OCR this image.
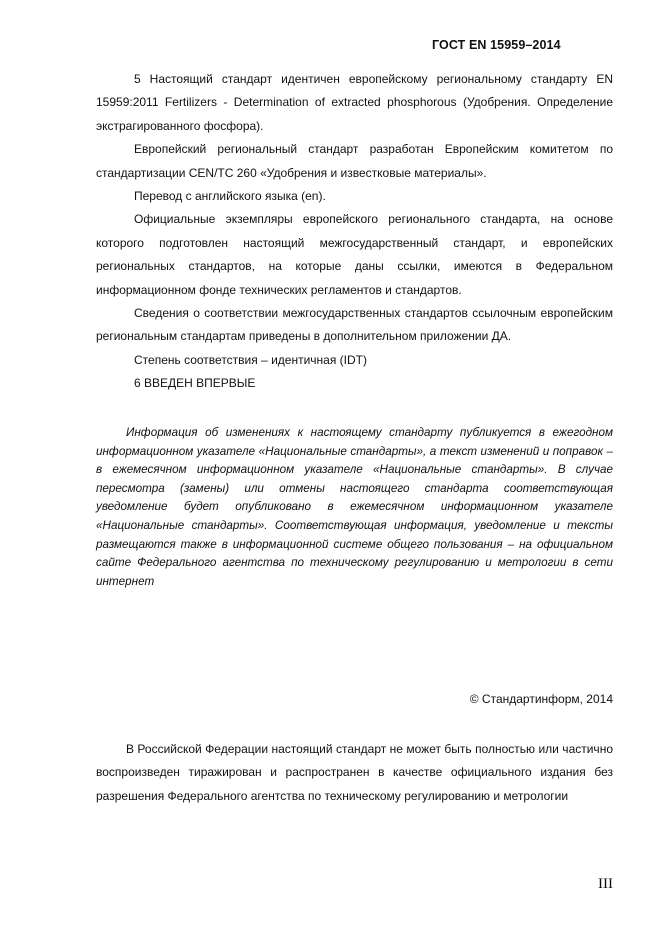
ГОСТ EN 15959–2014

5 Настоящий стандарт идентичен европейскому региональному стандарту EN 15959:2011 Fertilizers - Determination of extracted phosphorous (Удобрения. Определение экстрагированного фосфора).

Европейский региональный стандарт разработан Европейским комитетом по стандартизации CEN/TC 260 «Удобрения и известковые материалы».

Перевод с английского языка (en).

Официальные экземпляры европейского регионального стандарта, на основе которого подготовлен настоящий межгосударственный стандарт, и европейских региональных стандартов, на которые даны ссылки, имеются в Федеральном информационном фонде технических регламентов и стандартов.

Сведения о соответствии межгосударственных стандартов ссылочным европейским региональным стандартам приведены в дополнительном приложении ДА.

Степень соответствия – идентичная (IDT)

6 ВВЕДЕН ВПЕРВЫЕ

Информация об изменениях к настоящему стандарту публикуется в ежегодном информационном указателе «Национальные стандарты», а текст изменений и поправок – в ежемесячном информационном указателе «Национальные стандарты». В случае пересмотра (замены) или отмены настоящего стандарта соответствующая уведомление будет опубликовано в ежемесячном информационном указателе «Национальные стандарты». Соответствующая информация, уведомление и тексты размещаются также в информационной системе общего пользования – на официальном сайте Федерального агентства по техническому регулированию и метрологии в сети интернет
© Стандартинформ, 2014
В Российской Федерации настоящий стандарт не может быть полностью или частично воспроизведен тиражирован и распространен в качестве официального издания без разрешения Федерального агентства по техническому регулированию и метрологии
III
